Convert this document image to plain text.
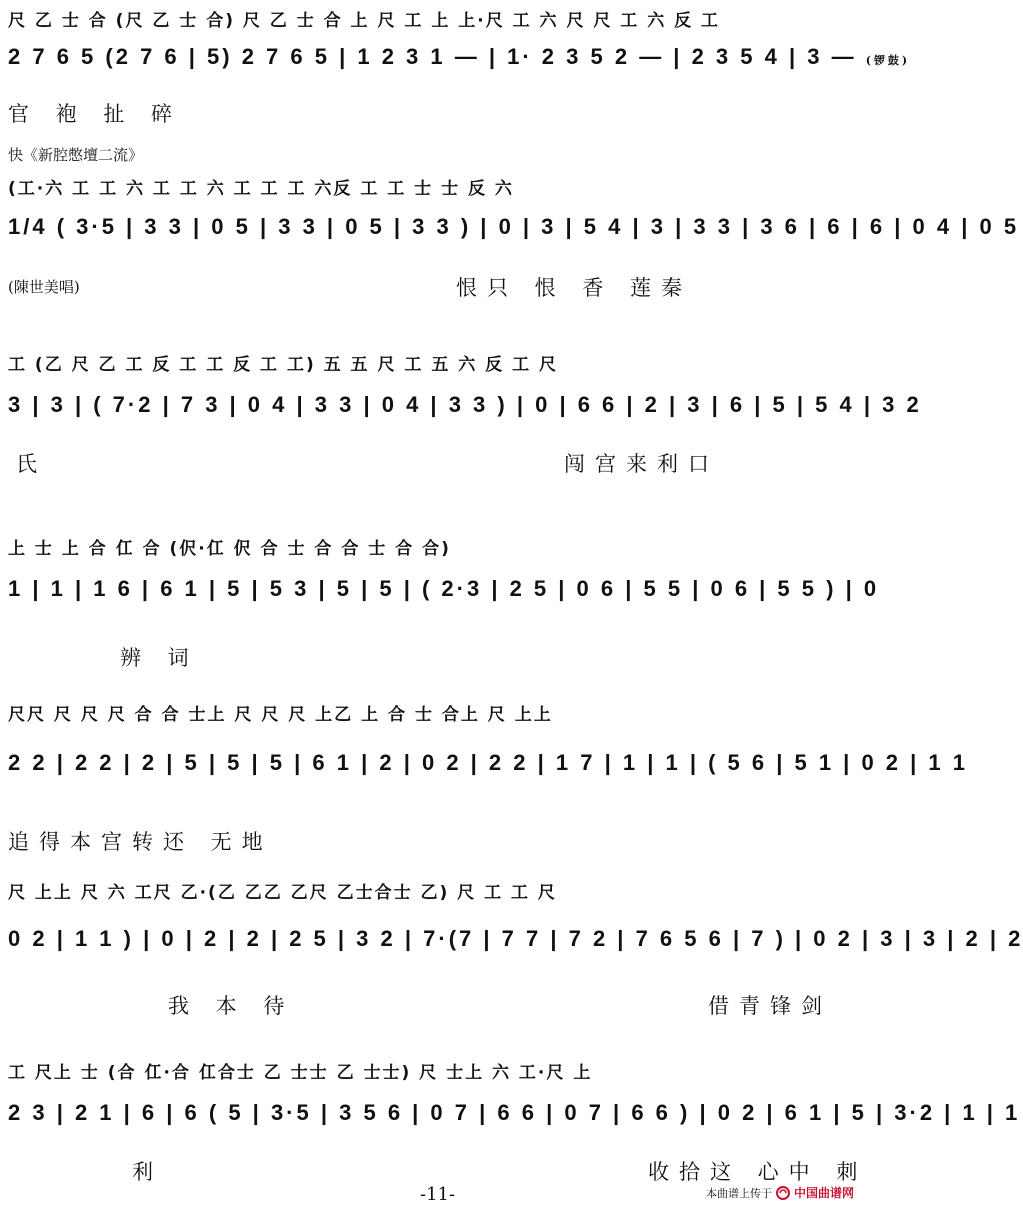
尺 乙 士 合 (尺 乙 士 合) 尺 乙 士 合 上 尺 工 上 上·尺 工 六 尺 尺 工 六 反 工
2 7 6 5 (2 7 6 | 5) 2 7 6 5 | 1 2 3 1 — | 1· 2 3 5 2 — | 2 3 5 4 | 3 — (锣鼓)
官 袍 扯 碎
快《新腔憋壇二流》
(工·六 工 工 六 工 工 六 工 工 工 六反 工 工 士 士 反 六
1/4 ( 3·5 | 3 3 | 0 5 | 3 3 | 0 5 | 3 3 ) | 0 | 3 | 5 4 | 3 | 3 3 | 3 6 | 6 | 6 | 0 4 | 0 5
(陳世美唱)	恨只 恨 香 莲秦
工 (乙 尺 乙 工 反 工 工 反 工 工) 五 五 尺 工 五 六 反 工 尺
3 | 3 | ( 7·2 | 7 3 | 0 4 | 3 3 | 0 4 | 3 3 ) | 0 | 6 6 | 2 | 3 | 6 | 5 | 5 4 | 3 2
氏	闯宫来利口
上 士 上 合 仜 合 (伬·仜 伬 合 士 合 合 士 合 合)
1 | 1 | 1 6 | 6 1 | 5 | 5 3 | 5 | 5 | ( 2·3 | 2 5 | 0 6 | 5 5 | 0 6 | 5 5 ) | 0
辨 词
尺尺 尺 尺 尺 合 合 士上 尺 尺 尺 上乙 上 合 士 合上 尺 上上
2 2 | 2 2 | 2 | 5 | 5 | 5 | 6 1 | 2 | 0 2 | 2 2 | 1 7 | 1 | 1 | ( 5 6 | 5 1 | 0 2 | 1 1
追得本宫转还 无地
尺 上上 尺 六 工尺 乙·(乙 乙乙 乙尺 乙士合士 乙) 尺 工 工 尺
0 2 | 1 1 ) | 0 | 2 | 2 | 2 5 | 3 2 | 7·(7 | 7 7 | 7 2 | 7 6 5 6 | 7 ) | 0 2 | 3 | 3 | 2 | 2
我 本 待	借青锋剑
工 尺上 士 (合 仜·合 仜合士 乙 士士 乙 士士) 尺 士上 六 工·尺 上
2 3 | 2 1 | 6 | 6 ( 5 | 3·5 | 3 5 6 | 0 7 | 6 6 | 0 7 | 6 6 ) | 0 2 | 6 1 | 5 | 3·2 | 1 | 1
利	收拾这 心中 刺
-11-	本曲谱上传于 中国曲谱网
